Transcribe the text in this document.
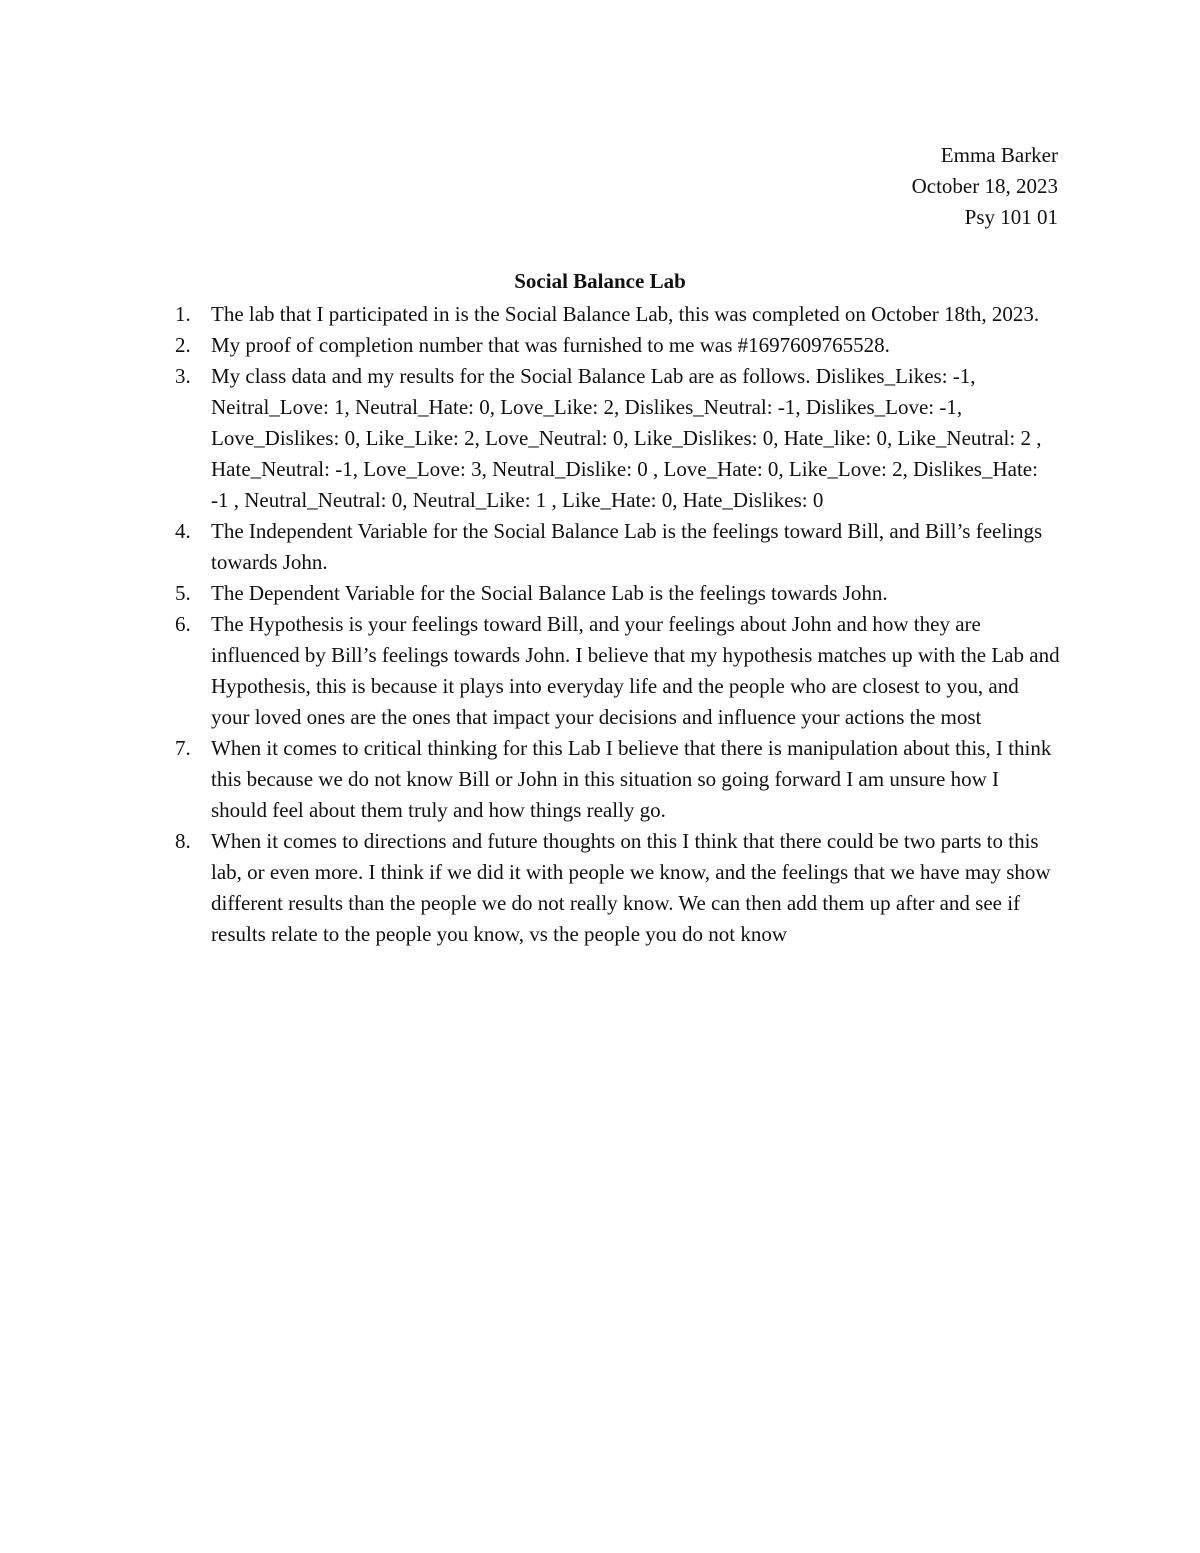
Emma Barker
October 18, 2023
Psy 101 01
Social Balance Lab
1. The lab that I participated in is the Social Balance Lab, this was completed on October 18th, 2023.
2. My proof of completion number that was furnished to me was #1697609765528.
3. My class data and my results for the Social Balance Lab are as follows. Dislikes_Likes: -1, Neitral_Love: 1, Neutral_Hate: 0, Love_Like: 2, Dislikes_Neutral: -1, Dislikes_Love: -1, Love_Dislikes: 0, Like_Like: 2, Love_Neutral: 0, Like_Dislikes: 0, Hate_like: 0, Like_Neutral: 2 , Hate_Neutral: -1, Love_Love: 3, Neutral_Dislike: 0 , Love_Hate: 0, Like_Love: 2, Dislikes_Hate: -1 , Neutral_Neutral: 0, Neutral_Like: 1 , Like_Hate: 0, Hate_Dislikes: 0
4. The Independent Variable for the Social Balance Lab is the feelings toward Bill, and Bill’s feelings towards John.
5. The Dependent Variable for the Social Balance Lab is the feelings towards John.
6. The Hypothesis is your feelings toward Bill, and your feelings about John and how they are influenced by Bill’s feelings towards John. I believe that my hypothesis matches up with the Lab and Hypothesis, this is because it plays into everyday life and the people who are closest to you, and your loved ones are the ones that impact your decisions and influence your actions the most
7. When it comes to critical thinking for this Lab I believe that there is manipulation about this, I think this because we do not know Bill or John in this situation so going forward I am unsure how I should feel about them truly and how things really go.
8. When it comes to directions and future thoughts on this I think that there could be two parts to this lab, or even more. I think if we did it with people we know, and the feelings that we have may show different results than the people we do not really know. We can then add them up after and see if results relate to the people you know, vs the people you do not know
